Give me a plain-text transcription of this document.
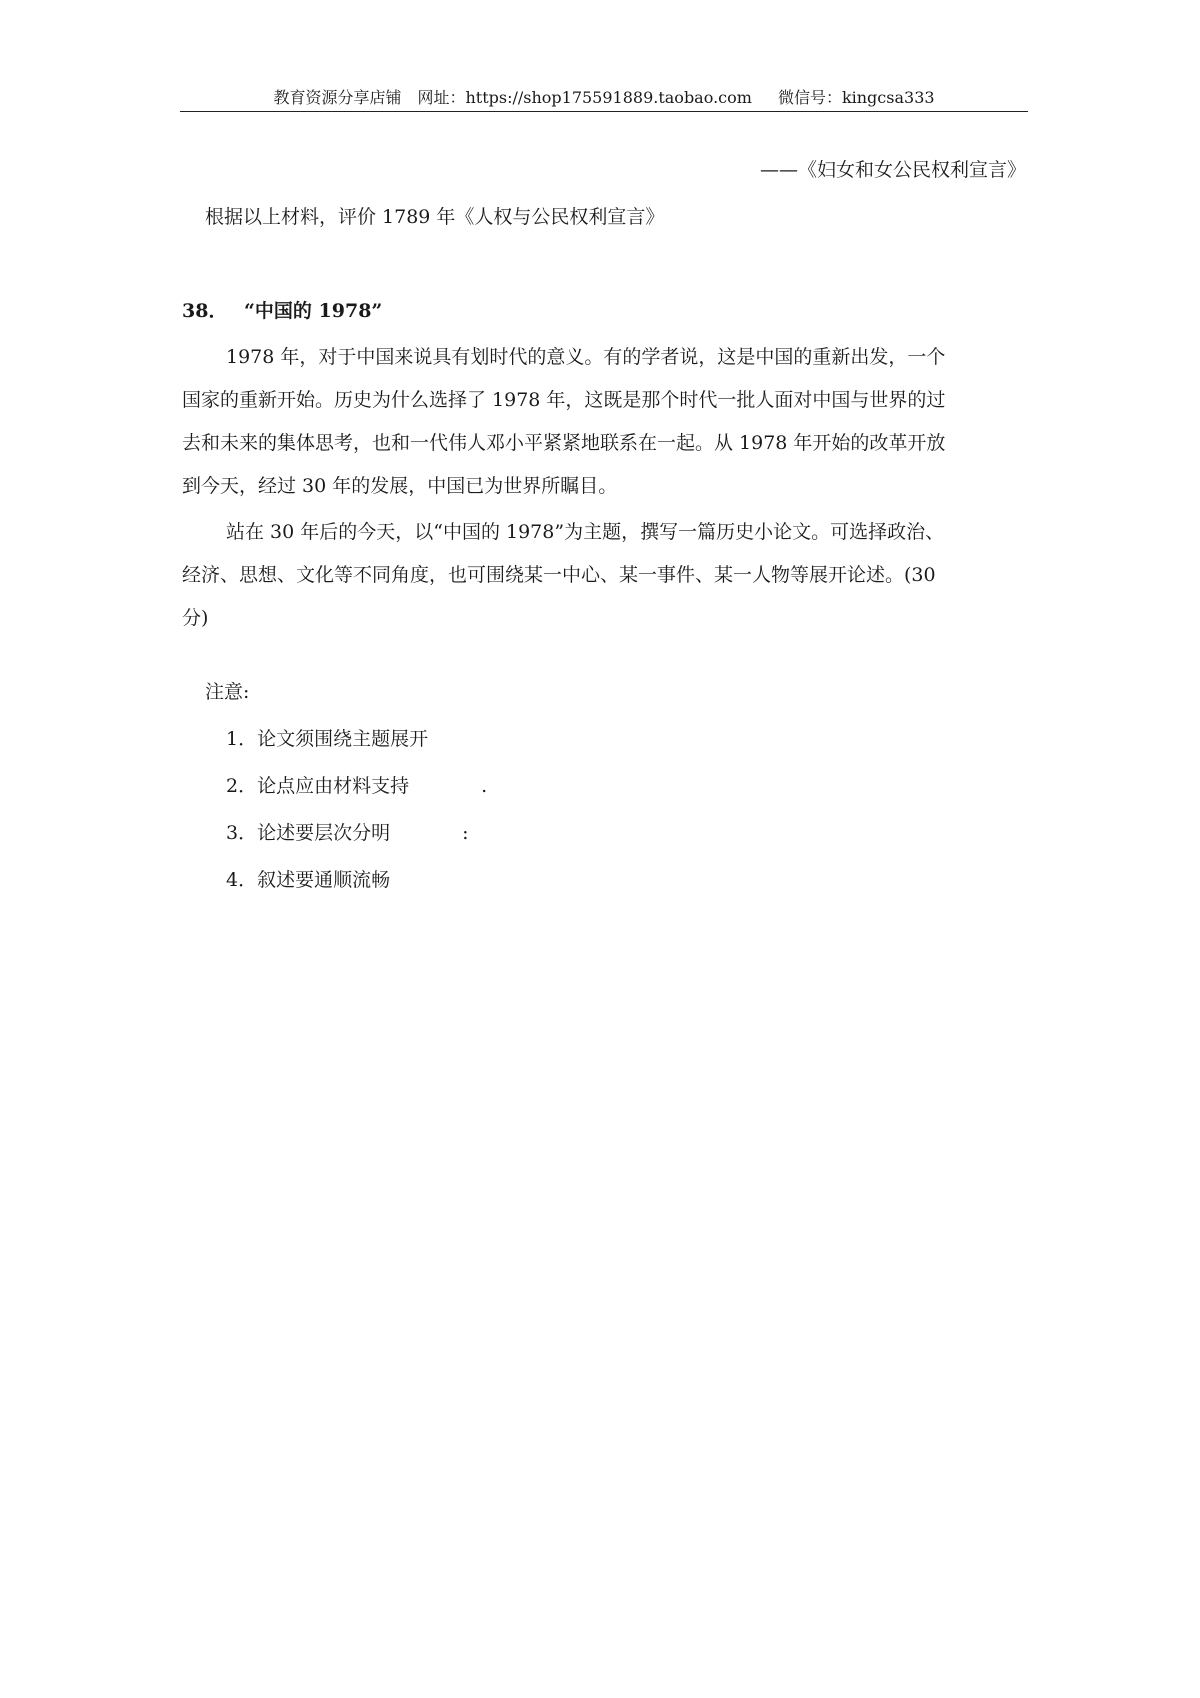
教育资源分享店铺 网址：https://shop175591889.taobao.com 微信号：kingcsa333
——《妇女和女公民权利宣言》
根据以上材料，评价 1789 年《人权与公民权利宣言》
38． “中国的 1978”
1978 年，对于中国来说具有划时代的意义。有的学者说，这是中国的重新出发，一个
国家的重新开始。历史为什么选择了 1978 年，这既是那个时代一批人面对中国与世界的过
去和未来的集体思考，也和一代伟人邓小平紧紧地联系在一起。从 1978 年开始的改革开放
到今天，经过 30 年的发展，中国已为世界所瞩目。
站在 30 年后的今天，以“中国的 1978”为主题，撰写一篇历史小论文。可选择政治、
经济、思想、文化等不同角度，也可围绕某一中心、某一事件、某一人物等展开论述。(30
分)
注意:
1．论文须围绕主题展开
2．论点应由材料支持	.
3．论述要层次分明	:
4．叙述要通顺流畅
